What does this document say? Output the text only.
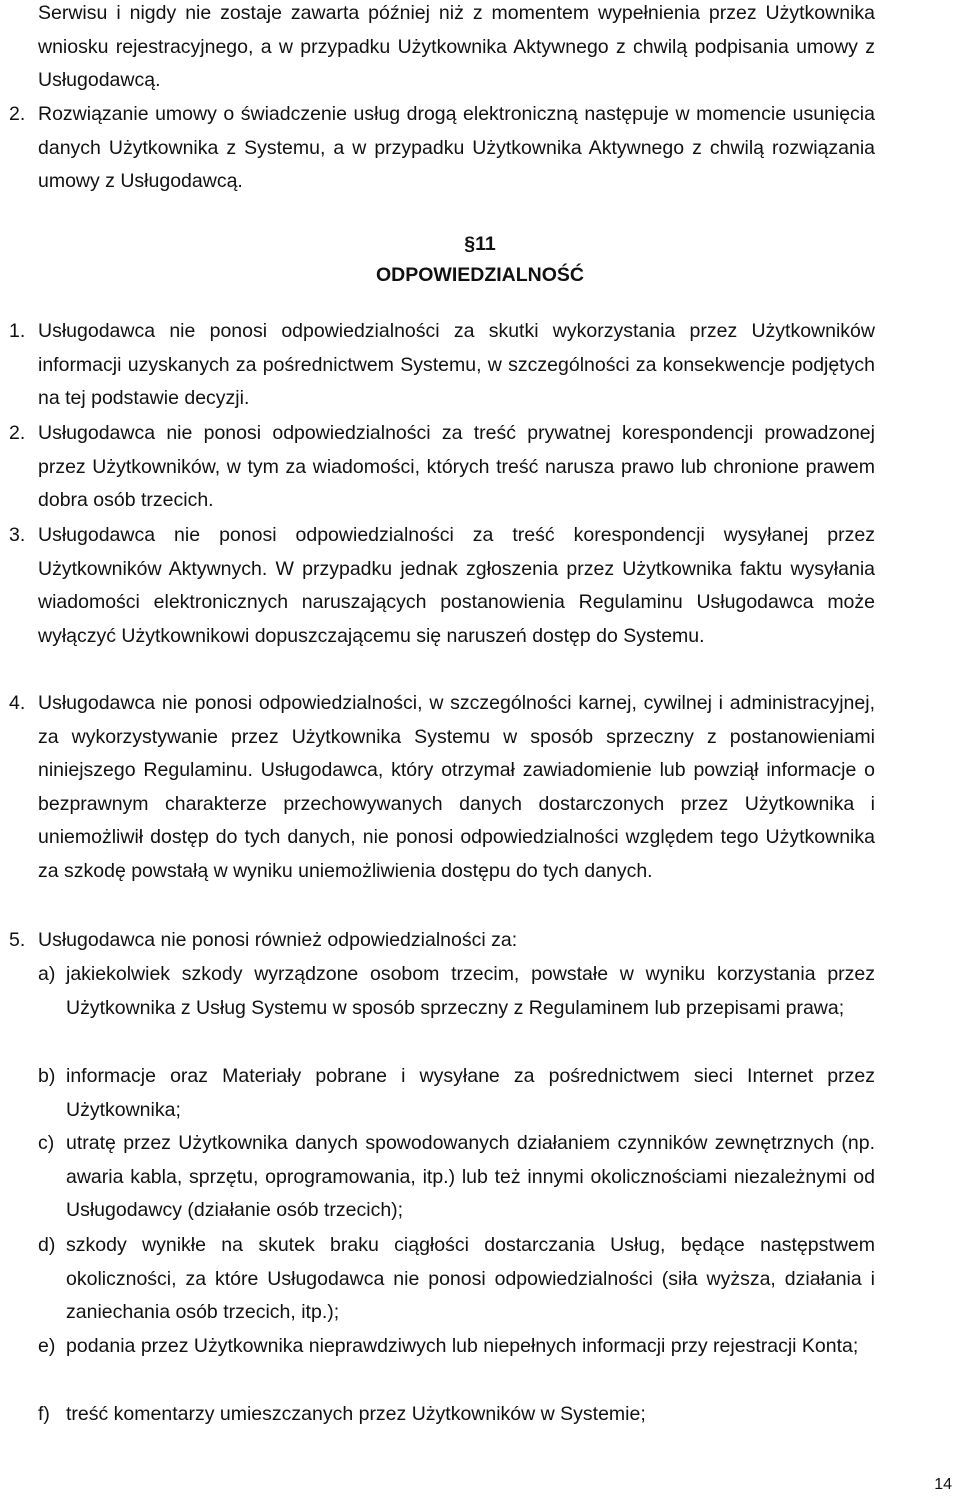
Serwisu i nigdy nie zostaje zawarta później niż z momentem wypełnienia przez Użytkownika wniosku rejestracyjnego, a w przypadku Użytkownika Aktywnego z chwilą podpisania umowy z Usługodawcą.
2. Rozwiązanie umowy o świadczenie usług drogą elektroniczną następuje w momencie usunięcia danych Użytkownika z Systemu, a w przypadku Użytkownika Aktywnego z chwilą rozwiązania umowy z Usługodawcą.
§11
ODPOWIEDZIALNOŚĆ
1. Usługodawca nie ponosi odpowiedzialności za skutki wykorzystania przez Użytkowników informacji uzyskanych za pośrednictwem Systemu, w szczególności za konsekwencje podjętych na tej podstawie decyzji.
2. Usługodawca nie ponosi odpowiedzialności za treść prywatnej korespondencji prowadzonej przez Użytkowników, w tym za wiadomości, których treść narusza prawo lub chronione prawem dobra osób trzecich.
3. Usługodawca nie ponosi odpowiedzialności za treść korespondencji wysyłanej przez Użytkowników Aktywnych. W przypadku jednak zgłoszenia przez Użytkownika faktu wysyłania wiadomości elektronicznych naruszających postanowienia Regulaminu Usługodawca może wyłączyć Użytkownikowi dopuszczającemu się naruszeń dostęp do Systemu.
4. Usługodawca nie ponosi odpowiedzialności, w szczególności karnej, cywilnej i administracyjnej, za wykorzystywanie przez Użytkownika Systemu w sposób sprzeczny z postanowieniami niniejszego Regulaminu. Usługodawca, który otrzymał zawiadomienie lub powziął informacje o bezprawnym charakterze przechowywanych danych dostarczonych przez Użytkownika i uniemożliwił dostęp do tych danych, nie ponosi odpowiedzialności względem tego Użytkownika za szkodę powstałą w wyniku uniemożliwienia dostępu do tych danych.
5. Usługodawca nie ponosi również odpowiedzialności za:
a) jakiekolwiek szkody wyrządzone osobom trzecim, powstałe w wyniku korzystania przez Użytkownika z Usług Systemu w sposób sprzeczny z Regulaminem lub przepisami prawa;
b) informacje oraz Materiały pobrane i wysyłane za pośrednictwem sieci Internet przez Użytkownika;
c) utratę przez Użytkownika danych spowodowanych działaniem czynników zewnętrznych (np. awaria kabla, sprzętu, oprogramowania, itp.) lub też innymi okolicznościami niezależnymi od Usługodawcy (działanie osób trzecich);
d) szkody wynikłe na skutek braku ciągłości dostarczania Usług, będące następstwem okoliczności, za które Usługodawca nie ponosi odpowiedzialności (siła wyższa, działania i zaniechania osób trzecich, itp.);
e) podania przez Użytkownika nieprawdziwych lub niepełnych informacji przy rejestracji Konta;
f) treść komentarzy umieszczanych przez Użytkowników w Systemie;
14
